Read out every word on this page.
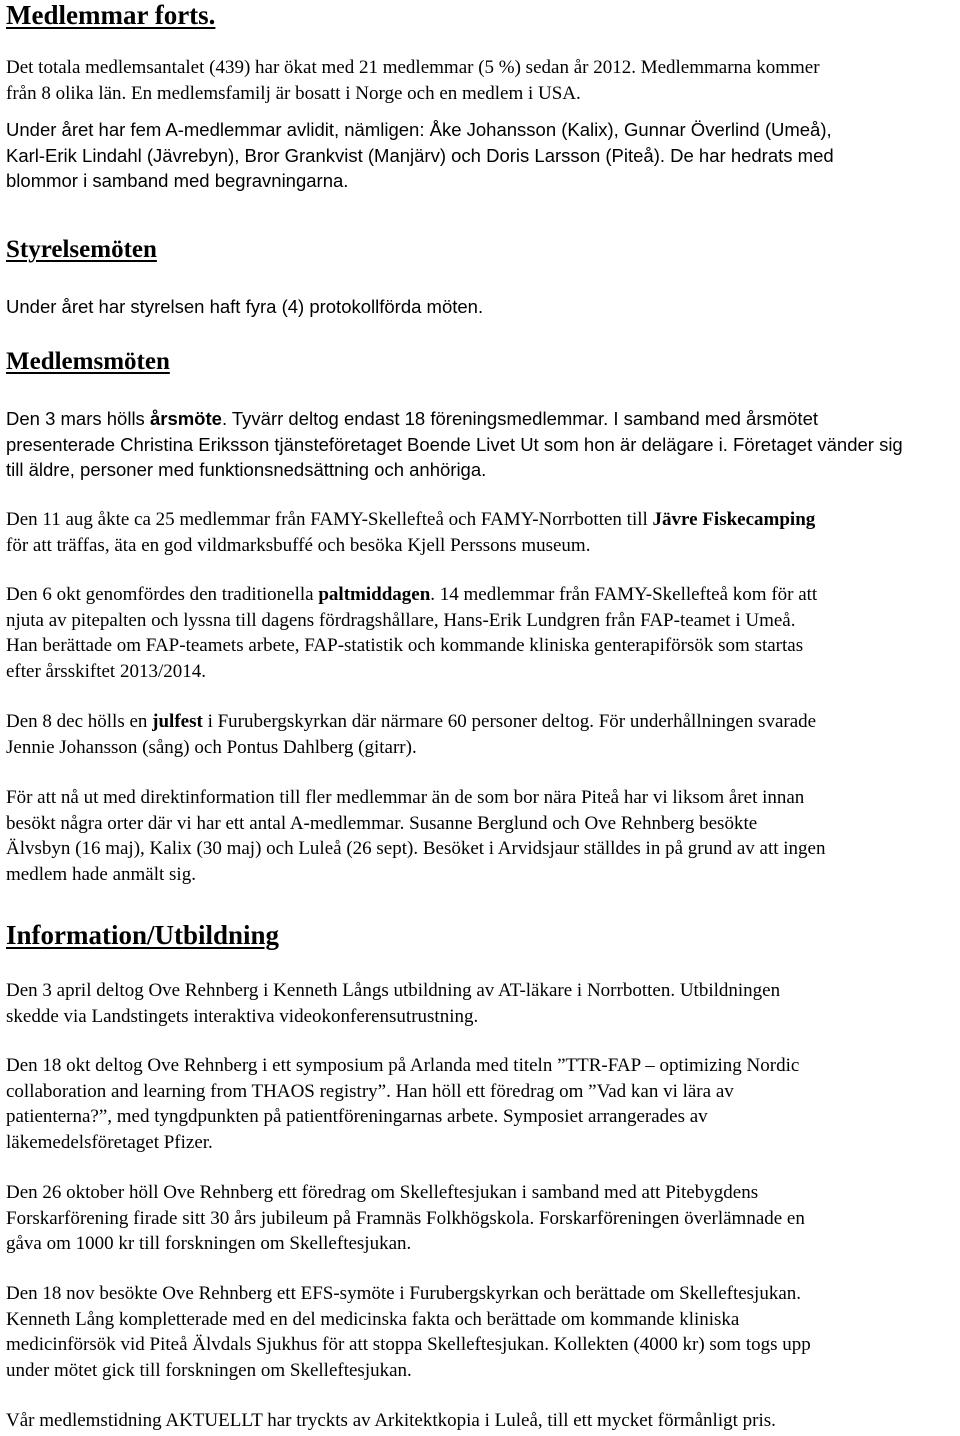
Medlemmar forts.
Det totala medlemsantalet (439) har ökat med 21 medlemmar (5 %) sedan år 2012. Medlemmarna kommer
från 8 olika län. En medlemsfamilj är bosatt i Norge och en medlem i USA.
Under året har fem A-medlemmar avlidit, nämligen: Åke Johansson (Kalix), Gunnar Överlind (Umeå),
Karl-Erik Lindahl (Jävrebyn), Bror Grankvist (Manjärv) och Doris Larsson (Piteå). De har hedrats med
blommor i samband med begravningarna.
Styrelsemöten
Under året har styrelsen haft fyra (4) protokollförda möten.
Medlemsmöten
Den 3 mars hölls årsmöte. Tyvärr deltog endast 18 föreningsmedlemmar. I samband med årsmötet
presenterade Christina Eriksson tjänsteföretaget Boende Livet Ut som hon är delägare i. Företaget vänder sig
till äldre, personer med funktionsnedsättning och anhöriga.
Den 11 aug åkte ca 25 medlemmar från FAMY-Skellefteå och FAMY-Norrbotten till Jävre Fiskecamping
för att träffas, äta en god vildmarksbuffé och besöka Kjell Perssons museum.
Den 6 okt genomfördes den traditionella paltmiddagen. 14 medlemmar från FAMY-Skellefteå kom för att
njuta av pitepalten och lyssna till dagens fördragshållare, Hans-Erik Lundgren från FAP-teamet i Umeå.
Han berättade om FAP-teamets arbete, FAP-statistik och kommande kliniska genterapiförsök som startas
efter årsskiftet 2013/2014.
Den 8 dec hölls en julfest i Furubergskyrkan där närmare 60 personer deltog. För underhållningen svarade
Jennie Johansson (sång) och Pontus Dahlberg (gitarr).
För att nå ut med direktinformation till fler medlemmar än de som bor nära Piteå har vi liksom året innan
besökt några orter där vi har ett antal A-medlemmar. Susanne Berglund och Ove Rehnberg besökte
Älvsbyn (16 maj), Kalix (30 maj) och Luleå (26 sept). Besöket i Arvidsjaur ställdes in på grund av att ingen
medlem hade anmält sig.
Information/Utbildning
Den 3 april deltog Ove Rehnberg i Kenneth Långs utbildning av AT-läkare i Norrbotten. Utbildningen
skedde via Landstingets interaktiva videokonferensutrustning.
Den 18 okt deltog Ove Rehnberg i ett symposium på Arlanda med titeln ”TTR-FAP – optimizing Nordic
collaboration and learning from THAOS registry”. Han höll ett föredrag om ”Vad kan vi lära av
patienterna?”, med tyngdpunkten på patientföreningarnas arbete. Symposiet arrangerades av
läkemedelsföretaget Pfizer.
Den 26 oktober höll Ove Rehnberg ett föredrag om Skelleftesjukan i samband med att Pitebygdens
Forskarförening firade sitt 30 års jubileum på Framnäs Folkhögskola. Forskarföreningen överlämnade en
gåva om 1000 kr till forskningen om Skelleftesjukan.
Den 18 nov besökte Ove Rehnberg ett EFS-symöte i Furubergskyrkan och berättade om Skelleftesjukan.
Kenneth Lång kompletterade med en del medicinska fakta och berättade om kommande kliniska
medicinförsök vid Piteå Älvdals Sjukhus för att stoppa Skelleftesjukan. Kollekten (4000 kr) som togs upp
under mötet gick till forskningen om Skelleftesjukan.
Vår medlemstidning AKTUELLT har tryckts av Arkitektkopia i Luleå, till ett mycket förmånligt pris.
